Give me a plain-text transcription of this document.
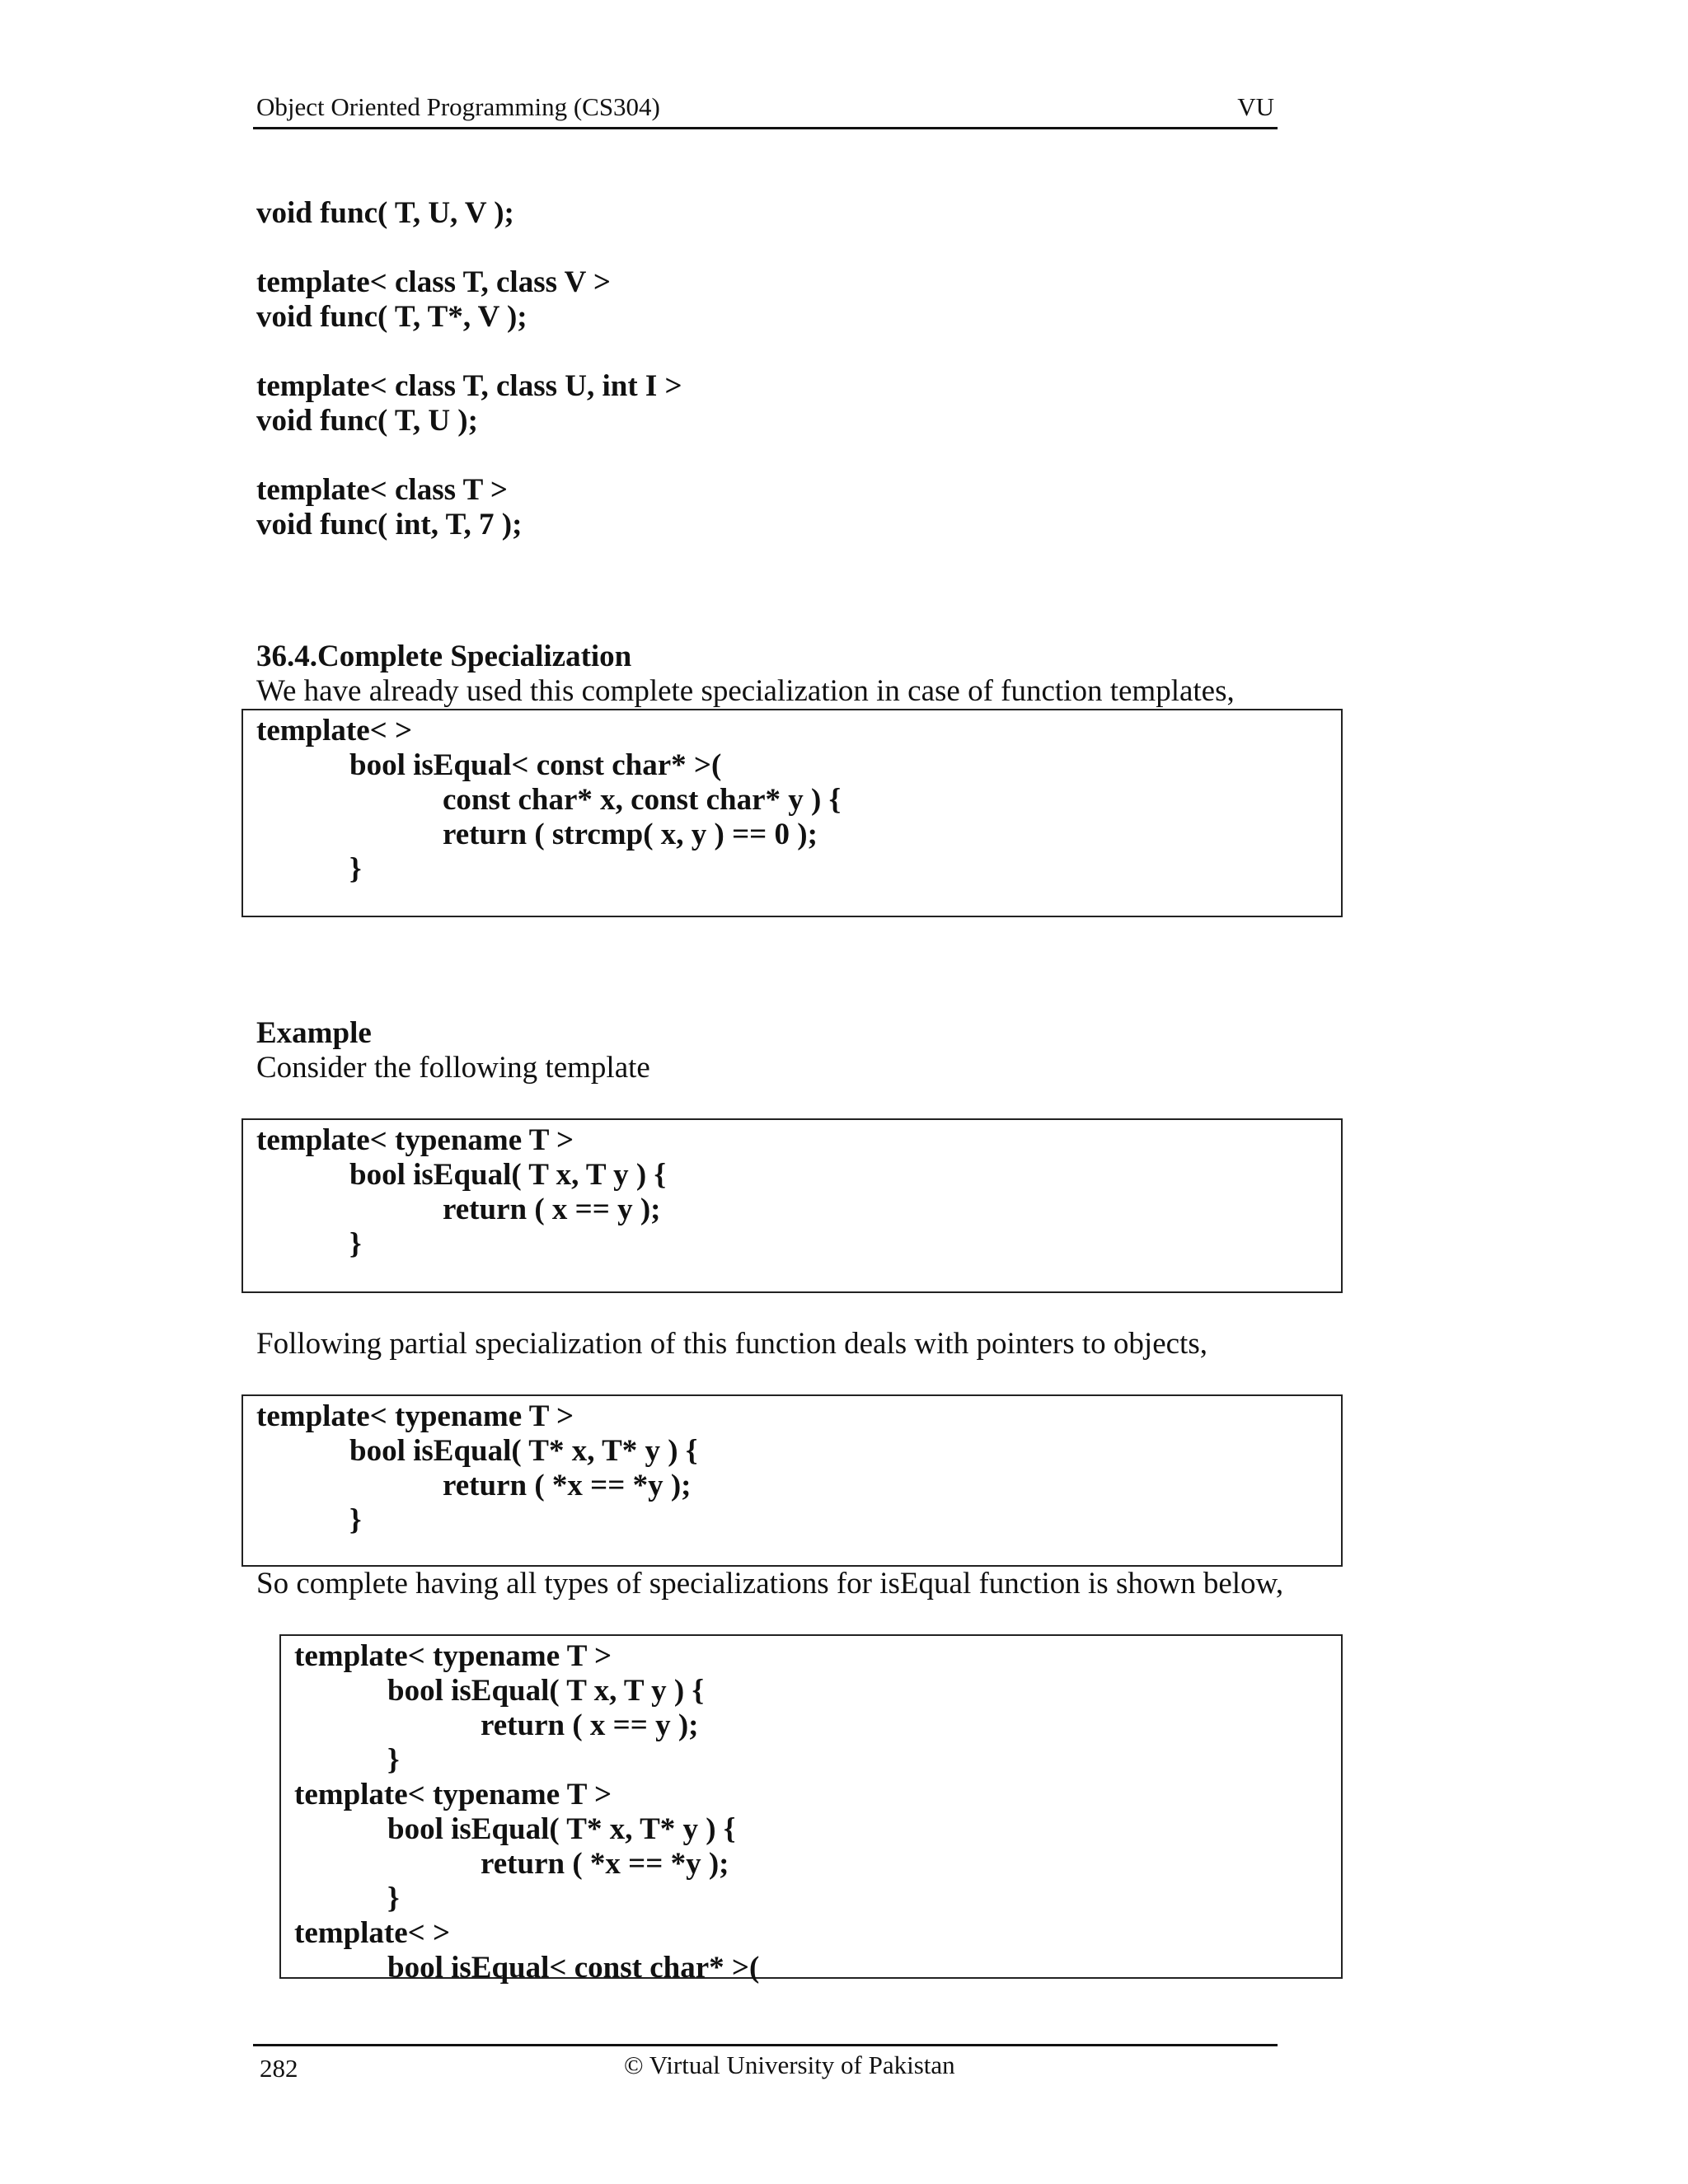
Object Oriented Programming (CS304)	VU
void func( T, U, V );
template< class T, class V >
void func( T, T*, V );
template< class T, class U, int I >
void func( T, U );
template< class T >
void func( int, T, 7 );
36.4.Complete Specialization
We have already used this complete specialization in case of function templates,
template< >
bool isEqual< const char* >(
const char* x, const char* y ) {
return ( strcmp( x, y ) == 0 );
}
Example
Consider the following template
template< typename T >
bool isEqual( T x, T y ) {
return ( x == y );
}
Following partial specialization of this function deals with pointers to objects,
template< typename T >
bool isEqual( T* x, T* y ) {
return ( *x == *y );
}
So complete having all types of specializations for isEqual function is shown below,
template< typename T >
bool isEqual( T x, T y ) {
return ( x == y );
}
template< typename T >
bool isEqual( T* x, T* y ) {
return ( *x == *y );
}
template< >
bool isEqual< const char* >(
282	© Virtual University of Pakistan
